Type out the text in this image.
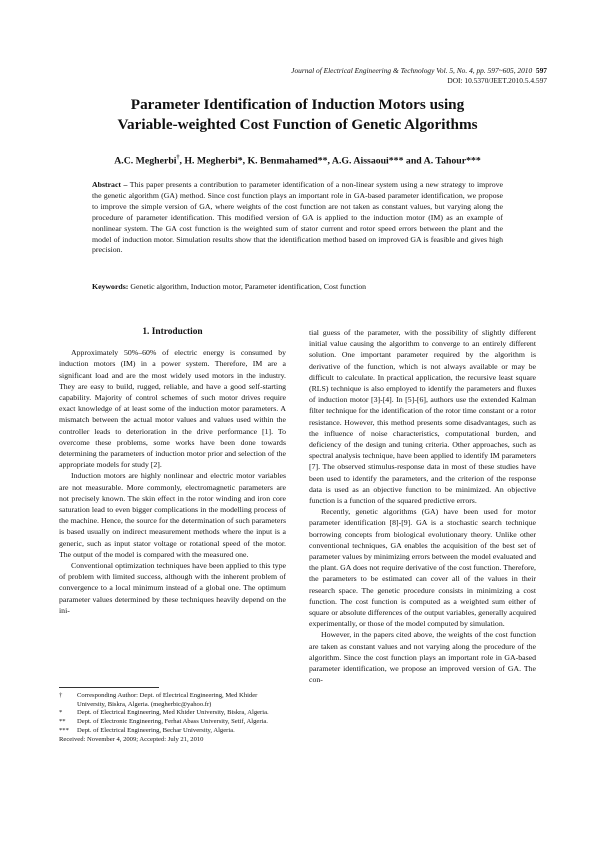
Journal of Electrical Engineering & Technology Vol. 5, No. 4, pp. 597~605, 2010 597
DOI: 10.5370/JEET.2010.5.4.597
Parameter Identification of Induction Motors using
Variable-weighted Cost Function of Genetic Algorithms
A.C. Megherbi†, H. Megherbi*, K. Benmahamed**, A.G. Aissaoui*** and A. Tahour***
Abstract – This paper presents a contribution to parameter identification of a non-linear system using a new strategy to improve the genetic algorithm (GA) method. Since cost function plays an important role in GA-based parameter identification, we propose to improve the simple version of GA, where weights of the cost function are not taken as constant values, but varying along the procedure of parameter identification. This modified version of GA is applied to the induction motor (IM) as an example of nonlinear system. The GA cost function is the weighted sum of stator current and rotor speed errors between the plant and the model of induction motor. Simulation results show that the identification method based on improved GA is feasible and gives high precision.
Keywords: Genetic algorithm, Induction motor, Parameter identification, Cost function
1. Introduction

Approximately 50%–60% of electric energy is consumed by induction motors (IM) in a power system. Therefore, IM are a significant load and are the most widely used motors in the industry. They are easy to build, rugged, reliable, and have a good self-starting capability. Majority of control schemes of such motor drives require exact knowledge of at least some of the induction motor parameters. A mismatch between the actual motor values and values used within the controller leads to deterioration in the drive performance [1]. To overcome these problems, some works have been done towards determining the parameters of induction motor prior and selection of the appropriate models for study [2].

Induction motors are highly nonlinear and electric motor variables are not measurable. More commonly, electromagnetic parameters are not precisely known. The skin effect in the rotor winding and iron core saturation lead to even bigger complications in the modelling process of the machine. Hence, the source for the determination of such parameters is based usually on indirect measurement methods where the input is a generic, such as input stator voltage or rotational speed of the motor. The output of the model is compared with the measured one.

Conventional optimization techniques have been applied to this type of problem with limited success, although with the inherent problem of convergence to a local minimum instead of a global one. The optimum parameter values determined by these techniques heavily depend on the ini-

tial guess of the parameter, with the possibility of slightly different initial value causing the algorithm to converge to an entirely different solution. One important parameter required by the algorithm is derivative of the function, which is not always available or may be difficult to calculate. In practical application, the recursive least square (RLS) technique is also employed to identify the parameters and fluxes of induction motor [3]-[4]. In [5]-[6], authors use the extended Kalman filter technique for the identification of the rotor time constant or a rotor resistance. However, this method presents some disadvantages, such as the influence of noise characteristics, computational burden, and deficiency of the design and tuning criteria. Other approaches, such as spectral analysis technique, have been applied to identify IM parameters [7]. The observed stimulus-response data in most of these studies have been used to identify the parameters, and the criterion of the response data is used as an objective function to be minimized. An objective function is a function of the squared predictive errors.

Recently, genetic algorithms (GA) have been used for motor parameter identification [8]-[9]. GA is a stochastic search technique borrowing concepts from biological evolutionary theory. Unlike other conventional techniques, GA enables the acquisition of the best set of parameter values by minimizing errors between the model evaluated and the plant. GA does not require derivative of the cost function. Therefore, the parameters to be estimated can cover all of the values in their research space. The genetic procedure consists in minimizing a cost function. The cost function is computed as a weighted sum either of square or absolute differences of the output variables, generally acquired experimentally, or those of the model computed by simulation.

However, in the papers cited above, the weights of the cost function are taken as constant values and not varying along the procedure of the algorithm. Since the cost function plays an important role in GA-based parameter identification, we propose an improved version of GA. The con-

†	Corresponding Author: Dept. of Electrical Engineering, Med Khider University, Biskra, Algeria. (megherbic@yahoo.fr)
*	Dept. of Electrical Engineering, Med Khider University, Biskra, Algeria.
**	Dept. of Electronic Engineering, Ferhat Abass University, Setif, Algeria.
***	Dept. of Electrical Engineering, Bechar University, Algeria.
Received: November 4, 2009; Accepted: July 21, 2010
